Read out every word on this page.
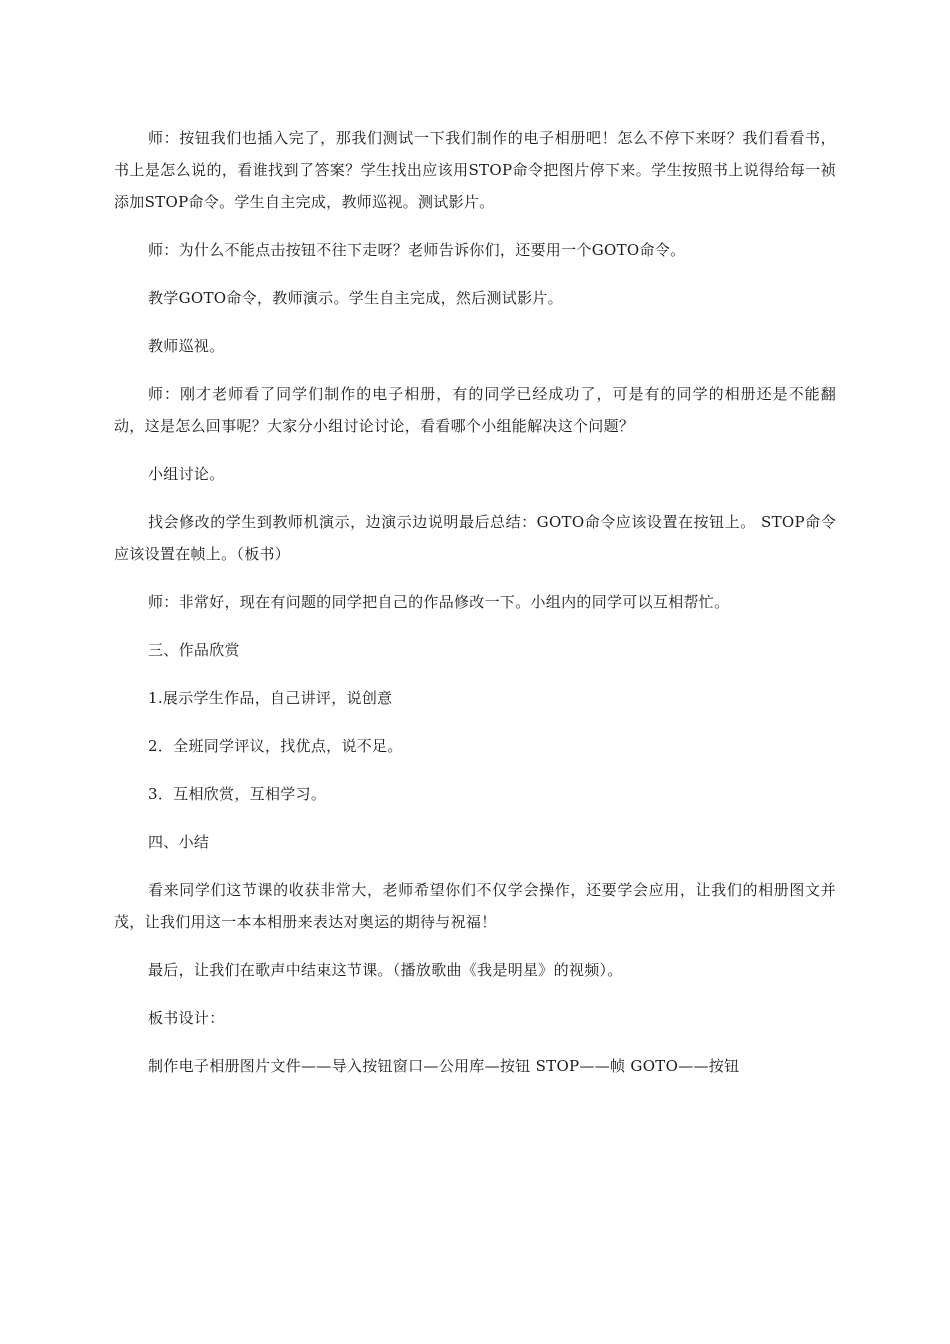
师：按钮我们也插入完了，那我们测试一下我们制作的电子相册吧！怎么不停下来呀？我们看看书，书上是怎么说的，看谁找到了答案？学生找出应该用STOP命令把图片停下来。学生按照书上说得给每一祯添加STOP命令。学生自主完成，教师巡视。测试影片。

师：为什么不能点击按钮不往下走呀？老师告诉你们，还要用一个GOTO命令。

教学GOTO命令，教师演示。学生自主完成，然后测试影片。

教师巡视。

师：刚才老师看了同学们制作的电子相册，有的同学已经成功了，可是有的同学的相册还是不能翻动，这是怎么回事呢？大家分小组讨论讨论，看看哪个小组能解决这个问题？

小组讨论。

找会修改的学生到教师机演示，边演示边说明最后总结：GOTO命令应该设置在按钮上。 STOP命令应该设置在帧上。（板书）

师：非常好，现在有问题的同学把自己的作品修改一下。小组内的同学可以互相帮忙。

三、作品欣赏

1.展示学生作品，自己讲评，说创意

2．全班同学评议，找优点，说不足。

3．互相欣赏，互相学习。

四、小结

看来同学们这节课的收获非常大，老师希望你们不仅学会操作，还要学会应用，让我们的相册图文并茂，让我们用这一本本相册来表达对奥运的期待与祝福！

最后，让我们在歌声中结束这节课。（播放歌曲《我是明星》的视频）。

板书设计：

制作电子相册图片文件——导入按钮窗口—公用库—按钮 STOP——帧 GOTO——按钮
